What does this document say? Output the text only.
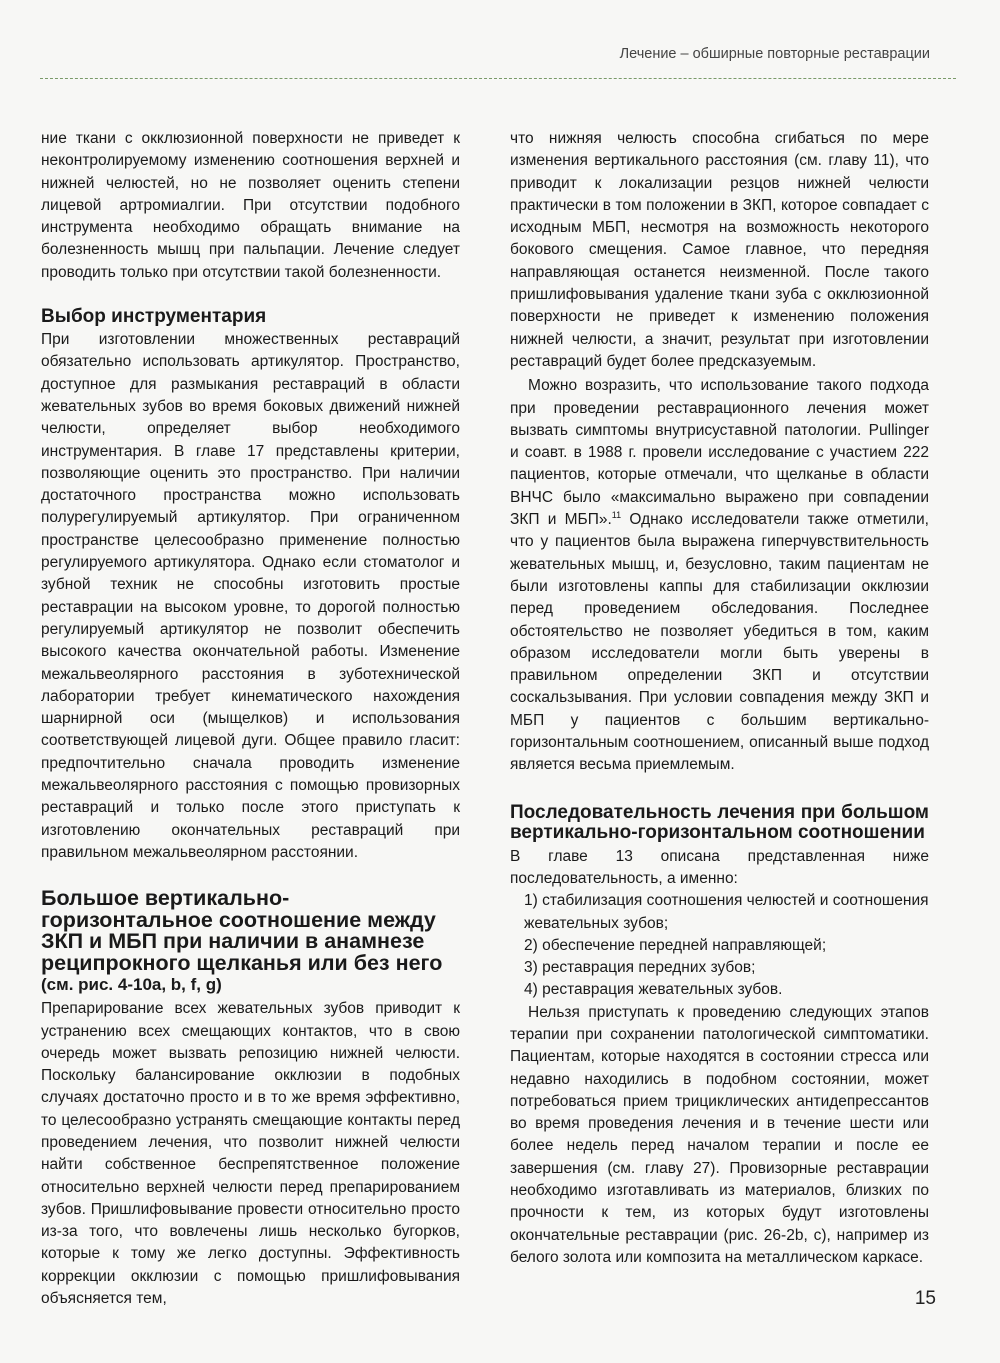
Лечение – обширные повторные реставрации

ние ткани с окклюзионной поверхности не приведет к неконтролируемому изменению соотношения верхней и нижней челюстей, но не позволяет оценить степени лицевой артромиалгии. При отсутствии подобного инструмента необходимо обращать внимание на болезненность мышц при пальпации. Лечение следует проводить только при отсутствии такой болезненности.

Выбор инструментария

При изготовлении множественных реставраций обязательно использовать артикулятор. Пространство, доступное для размыкания реставраций в области жевательных зубов во время боковых движений нижней челюсти, определяет выбор необходимого инструментария. В главе 17 представлены критерии, позволяющие оценить это пространство. При наличии достаточного пространства можно использовать полурегулируемый артикулятор. При ограниченном пространстве целесообразно применение полностью регулируемого артикулятора. Однако если стоматолог и зубной техник не способны изготовить простые реставрации на высоком уровне, то дорогой полностью регулируемый артикулятор не позволит обеспечить высокого качества окончательной работы. Изменение межальвеолярного расстояния в зуботехнической лаборатории требует кинематического нахождения шарнирной оси (мыщелков) и использования соответствующей лицевой дуги. Общее правило гласит: предпочтительно сначала проводить изменение межальвеолярного расстояния с помощью провизорных реставраций и только после этого приступать к изготовлению окончательных реставраций при правильном межальвеолярном расстоянии.

Большое вертикально-горизонтальное соотношение между ЗКП и МБП при наличии в анамнезе реципрокного щелканья или без него
(см. рис. 4-10a, b, f, g)

Препарирование всех жевательных зубов приводит к устранению всех смещающих контактов, что в свою очередь может вызвать репозицию нижней челюсти. Поскольку балансирование окклюзии в подобных случаях достаточно просто и в то же время эффективно, то целесообразно устранять смещающие контакты перед проведением лечения, что позволит нижней челюсти найти собственное беспрепятственное положение относительно верхней челюсти перед препарированием зубов. Пришлифовывание провести относительно просто из-за того, что вовлечены лишь несколько бугорков, которые к тому же легко доступны. Эффективность коррекции окклюзии с помощью пришлифовывания объясняется тем,

что нижняя челюсть способна сгибаться по мере изменения вертикального расстояния (см. главу 11), что приводит к локализации резцов нижней челюсти практически в том положении в ЗКП, которое совпадает с исходным МБП, несмотря на возможность некоторого бокового смещения. Самое главное, что передняя направляющая останется неизменной. После такого пришлифовывания удаление ткани зуба с окклюзионной поверхности не приведет к изменению положения нижней челюсти, а значит, результат при изготовлении реставраций будет более предсказуемым.

Можно возразить, что использование такого подхода при проведении реставрационного лечения может вызвать симптомы внутрисуставной патологии. Pullinger и соавт. в 1988 г. провели исследование с участием 222 пациентов, которые отмечали, что щелканье в области ВНЧС было «максимально выражено при совпадении ЗКП и МБП».$^{11}$ Однако исследователи также отметили, что у пациентов была выражена гиперчувствительность жевательных мышц, и, безусловно, таким пациентам не были изготовлены каппы для стабилизации окклюзии перед проведением обследования. Последнее обстоятельство не позволяет убедиться в том, каким образом исследователи могли быть уверены в правильном определении ЗКП и отсутствии соскальзывания. При условии совпадения между ЗКП и МБП у пациентов с большим вертикально-горизонтальным соотношением, описанный выше подход является весьма приемлемым.

Последовательность лечения при большом вертикально-горизонтальном соотношении

В главе 13 описана представленная ниже последовательность, а именно:

1) стабилизация соотношения челюстей и соотношения жевательных зубов;
2) обеспечение передней направляющей;
3) реставрация передних зубов;
4) реставрация жевательных зубов.

Нельзя приступать к проведению следующих этапов терапии при сохранении патологической симптоматики. Пациентам, которые находятся в состоянии стресса или недавно находились в подобном состоянии, может потребоваться прием трициклических антидепрессантов во время проведения лечения и в течение шести или более недель перед началом терапии и после ее завершения (см. главу 27). Провизорные реставрации необходимо изготавливать из материалов, близких по прочности к тем, из которых будут изготовлены окончательные реставрации (рис. 26-2b, c), например из белого золота или композита на металлическом каркасе.

15
